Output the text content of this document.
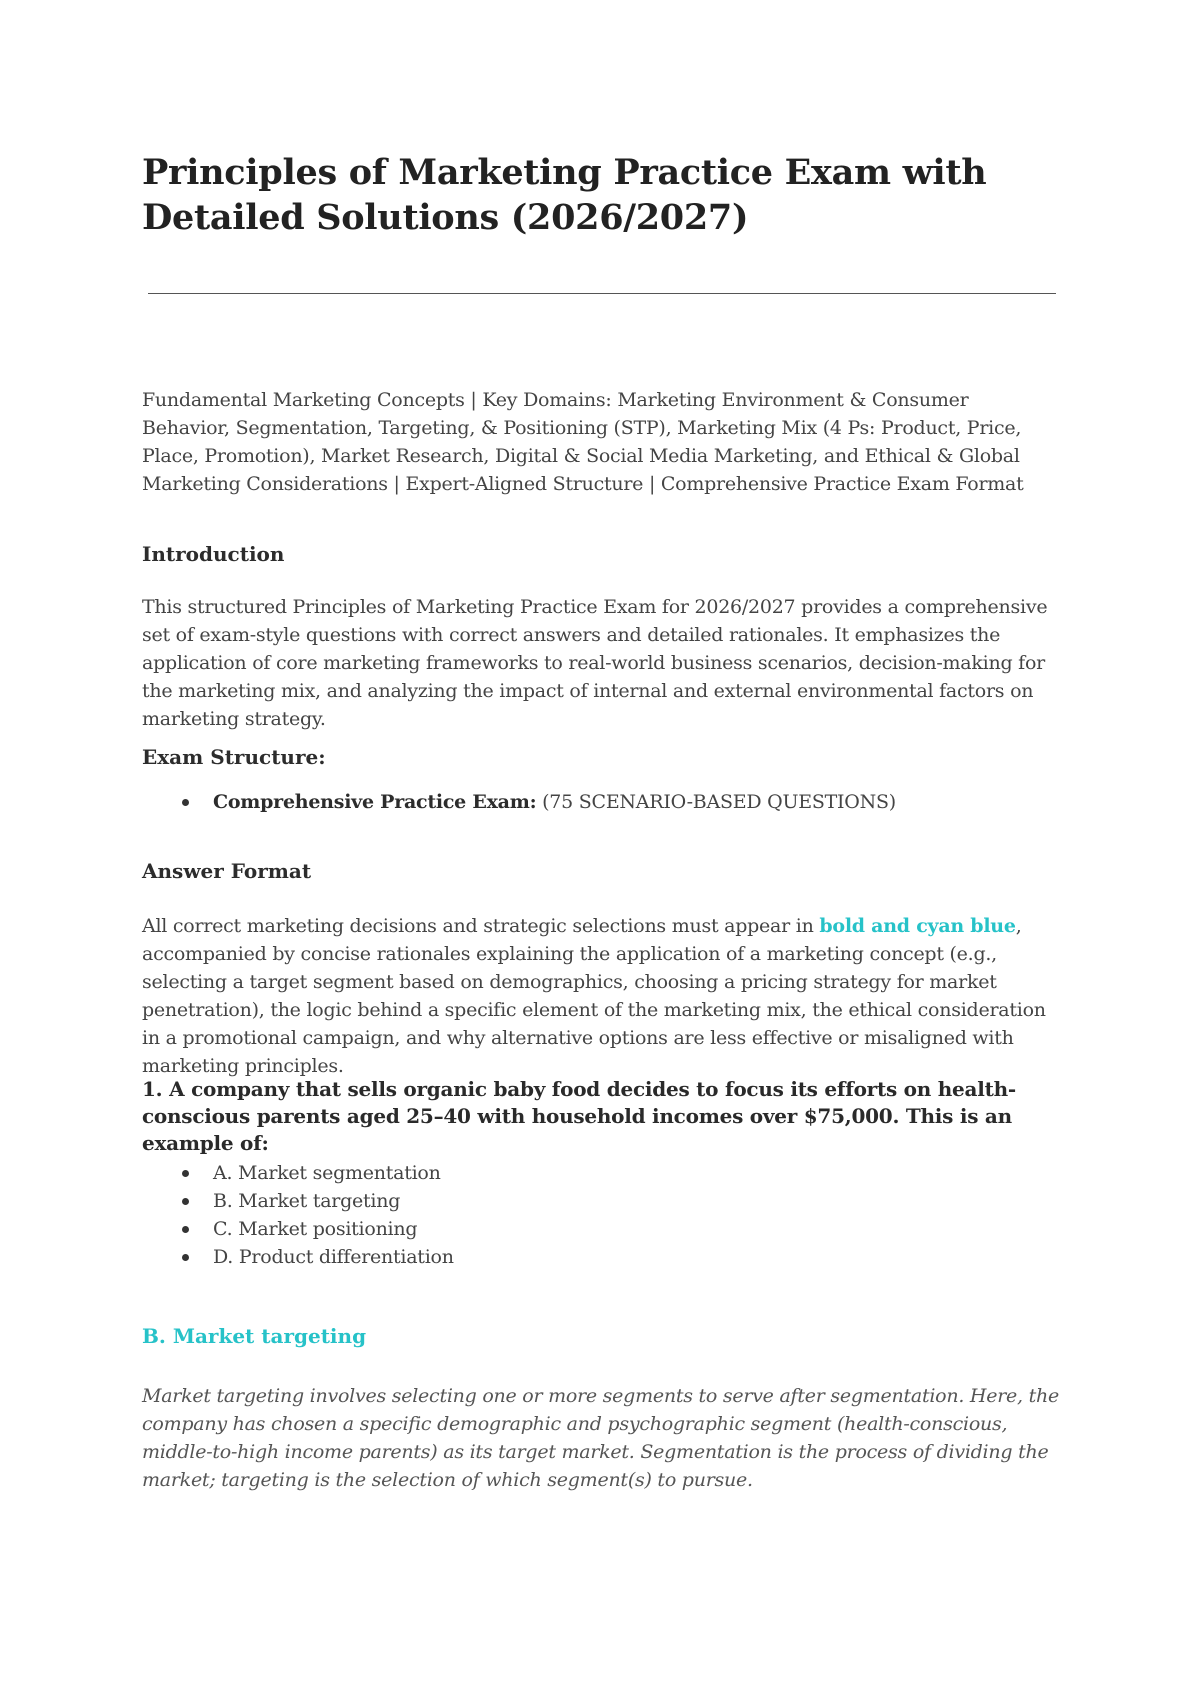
Principles of Marketing Practice Exam with Detailed Solutions (2026/2027)

Fundamental Marketing Concepts | Key Domains: Marketing Environment & Consumer Behavior, Segmentation, Targeting, & Positioning (STP), Marketing Mix (4 Ps: Product, Price, Place, Promotion), Market Research, Digital & Social Media Marketing, and Ethical & Global Marketing Considerations | Expert-Aligned Structure | Comprehensive Practice Exam Format

Introduction

This structured Principles of Marketing Practice Exam for 2026/2027 provides a comprehensive set of exam-style questions with correct answers and detailed rationales. It emphasizes the application of core marketing frameworks to real-world business scenarios, decision-making for the marketing mix, and analyzing the impact of internal and external environmental factors on marketing strategy.

Exam Structure:

Comprehensive Practice Exam: (75 SCENARIO-BASED QUESTIONS)

Answer Format

All correct marketing decisions and strategic selections must appear in bold and cyan blue, accompanied by concise rationales explaining the application of a marketing concept (e.g., selecting a target segment based on demographics, choosing a pricing strategy for market penetration), the logic behind a specific element of the marketing mix, the ethical consideration in a promotional campaign, and why alternative options are less effective or misaligned with marketing principles.

1. A company that sells organic baby food decides to focus its efforts on health-conscious parents aged 25–40 with household incomes over $75,000. This is an example of:

A. Market segmentation
B. Market targeting
C. Market positioning
D. Product differentiation

B. Market targeting

Market targeting involves selecting one or more segments to serve after segmentation. Here, the company has chosen a specific demographic and psychographic segment (health-conscious, middle-to-high income parents) as its target market. Segmentation is the process of dividing the market; targeting is the selection of which segment(s) to pursue.
